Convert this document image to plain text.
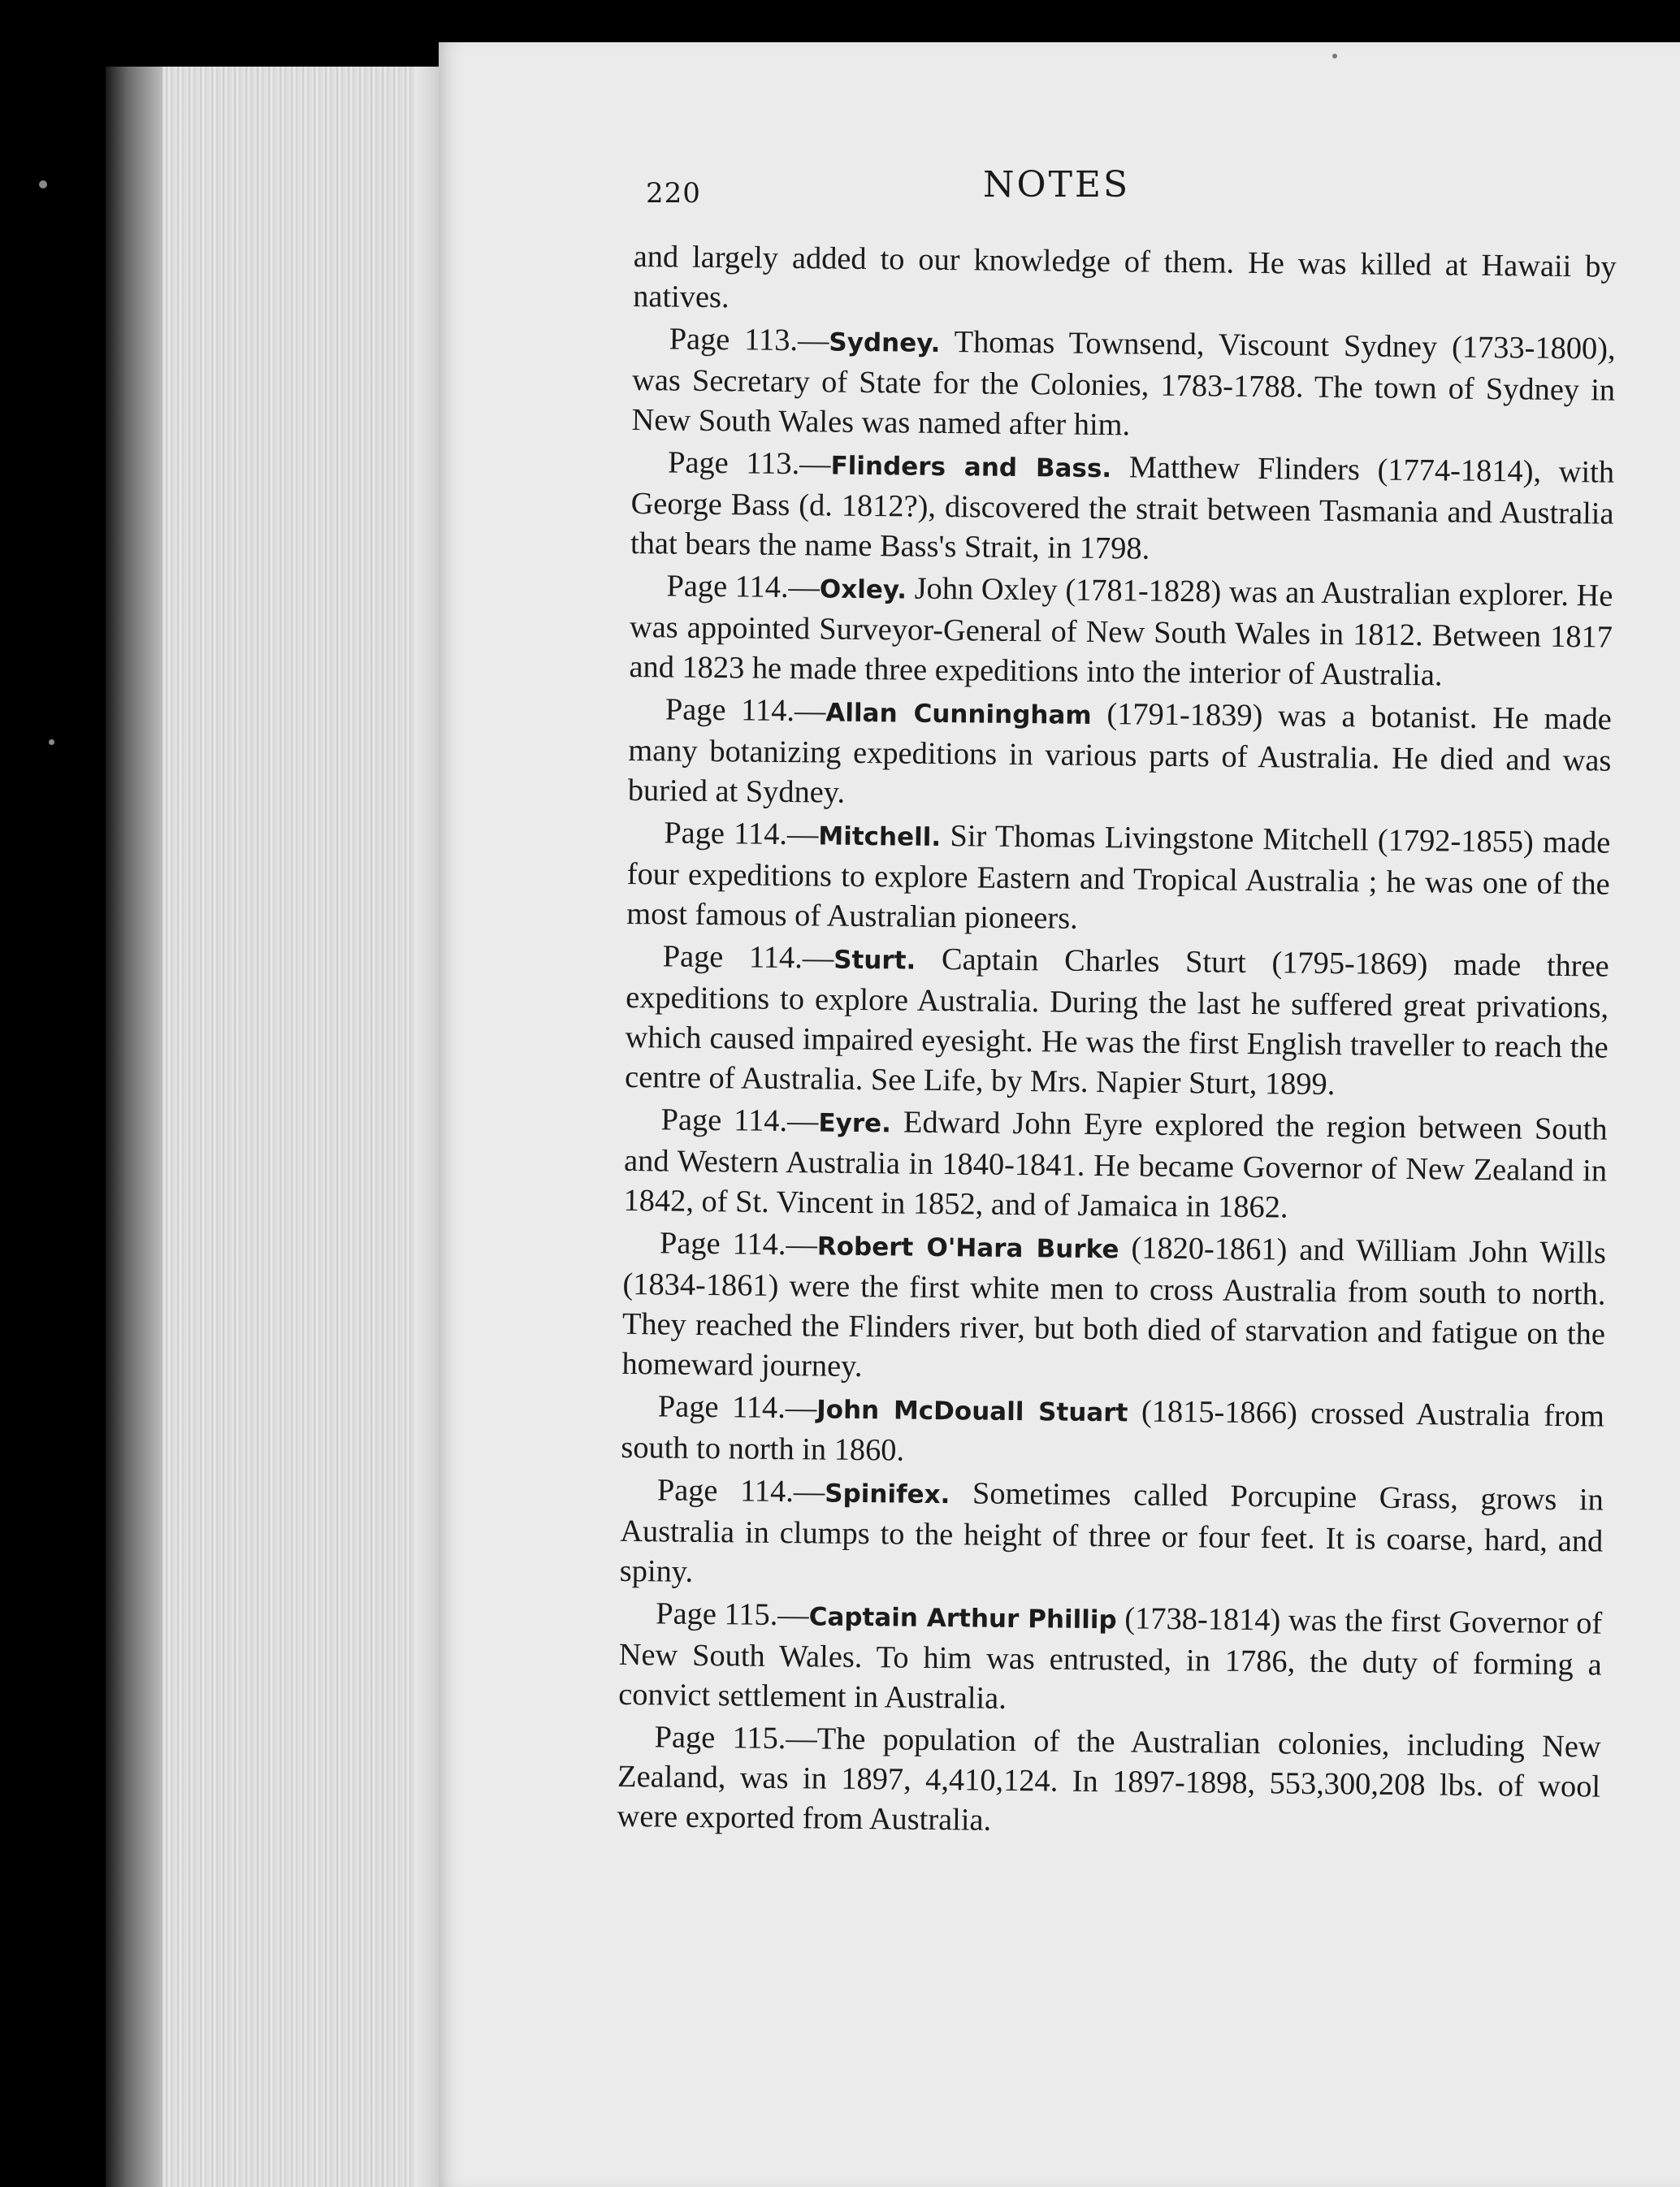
220	NOTES

and largely added to our knowledge of them. He was killed at Hawaii by natives.

Page 113.—Sydney. Thomas Townsend, Viscount Sydney (1733-1800), was Secretary of State for the Colonies, 1783-1788. The town of Sydney in New South Wales was named after him.

Page 113.—Flinders and Bass. Matthew Flinders (1774-1814), with George Bass (d. 1812?), discovered the strait between Tasmania and Australia that bears the name Bass's Strait, in 1798.

Page 114.—Oxley. John Oxley (1781-1828) was an Australian explorer. He was appointed Surveyor-General of New South Wales in 1812. Between 1817 and 1823 he made three expeditions into the interior of Australia.

Page 114.—Allan Cunningham (1791-1839) was a botanist. He made many botanizing expeditions in various parts of Australia. He died and was buried at Sydney.

Page 114.—Mitchell. Sir Thomas Livingstone Mitchell (1792-1855) made four expeditions to explore Eastern and Tropical Australia ; he was one of the most famous of Australian pioneers.

Page 114.—Sturt. Captain Charles Sturt (1795-1869) made three expeditions to explore Australia. During the last he suffered great privations, which caused impaired eyesight. He was the first English traveller to reach the centre of Australia. See Life, by Mrs. Napier Sturt, 1899.

Page 114.—Eyre. Edward John Eyre explored the region between South and Western Australia in 1840-1841. He became Governor of New Zealand in 1842, of St. Vincent in 1852, and of Jamaica in 1862.

Page 114.—Robert O'Hara Burke (1820-1861) and William John Wills (1834-1861) were the first white men to cross Australia from south to north. They reached the Flinders river, but both died of starvation and fatigue on the homeward journey.

Page 114.—John McDouall Stuart (1815-1866) crossed Australia from south to north in 1860.

Page 114.—Spinifex. Sometimes called Porcupine Grass, grows in Australia in clumps to the height of three or four feet. It is coarse, hard, and spiny.

Page 115.—Captain Arthur Phillip (1738-1814) was the first Governor of New South Wales. To him was entrusted, in 1786, the duty of forming a convict settlement in Australia.

Page 115.—The population of the Australian colonies, including New Zealand, was in 1897, 4,410,124. In 1897-1898, 553,300,208 lbs. of wool were exported from Australia.
